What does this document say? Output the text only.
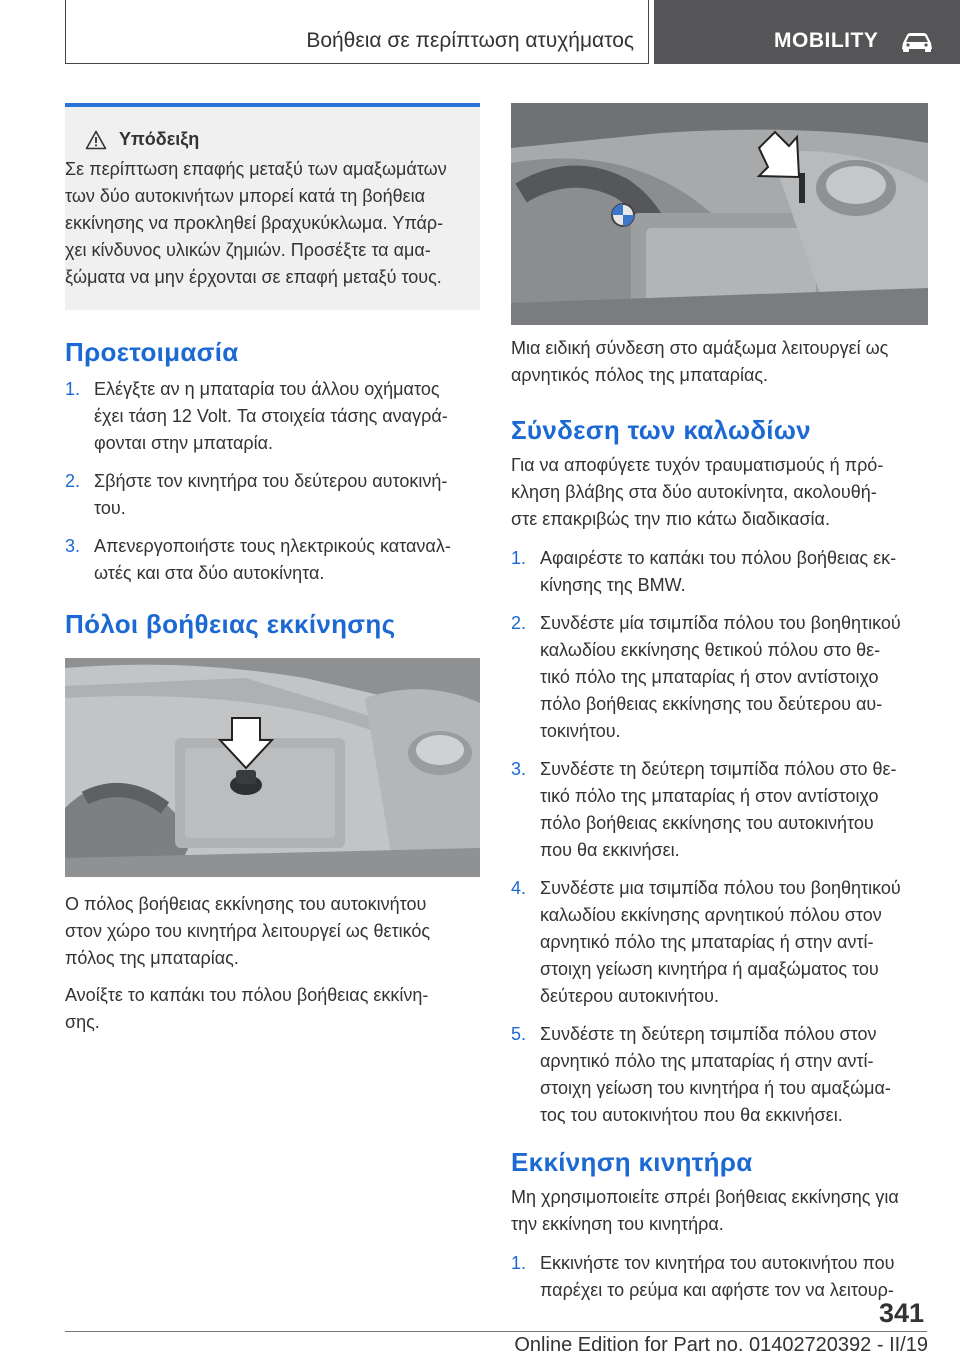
Βοήθεια σε περίπτωση ατυχήματος	MOBILITY
Υπόδειξη
Σε περίπτωση επαφής μεταξύ των αμαξωμάτων
των δύο αυτοκινήτων μπορεί κατά τη βοήθεια
εκκίνησης να προκληθεί βραχυκύκλωμα. Υπάρ-
χει κίνδυνος υλικών ζημιών. Προσέξτε τα αμα-
ξώματα να μην έρχονται σε επαφή μεταξύ τους.
Προετοιμασία
1. Ελέγξτε αν η μπαταρία του άλλου οχήματος
έχει τάση 12 Volt. Τα στοιχεία τάσης αναγρά-
φονται στην μπαταρία.
2. Σβήστε τον κινητήρα του δεύτερου αυτοκινή-
του.
3. Απενεργοποιήστε τους ηλεκτρικούς καταναλ-
ωτές και στα δύο αυτοκίνητα.
Πόλοι βοήθειας εκκίνησης
Ο πόλος βοήθειας εκκίνησης του αυτοκινήτου
στον χώρο του κινητήρα λειτουργεί ως θετικός
πόλος της μπαταρίας.
Ανοίξτε το καπάκι του πόλου βοήθειας εκκίνη-
σης.
Μια ειδική σύνδεση στο αμάξωμα λειτουργεί ως
αρνητικός πόλος της μπαταρίας.
Σύνδεση των καλωδίων
Για να αποφύγετε τυχόν τραυματισμούς ή πρό-
κληση βλάβης στα δύο αυτοκίνητα, ακολουθή-
στε επακριβώς την πιο κάτω διαδικασία.
1. Αφαιρέστε το καπάκι του πόλου βοήθειας εκ-
κίνησης της BMW.
2. Συνδέστε μία τσιμπίδα πόλου του βοηθητικού
καλωδίου εκκίνησης θετικού πόλου στο θε-
τικό πόλο της μπαταρίας ή στον αντίστοιχο
πόλο βοήθειας εκκίνησης του δεύτερου αυ-
τοκινήτου.
3. Συνδέστε τη δεύτερη τσιμπίδα πόλου στο θε-
τικό πόλο της μπαταρίας ή στον αντίστοιχο
πόλο βοήθειας εκκίνησης του αυτοκινήτου
που θα εκκινήσει.
4. Συνδέστε μια τσιμπίδα πόλου του βοηθητικού
καλωδίου εκκίνησης αρνητικού πόλου στον
αρνητικό πόλο της μπαταρίας ή στην αντί-
στοιχη γείωση κινητήρα ή αμαξώματος του
δεύτερου αυτοκινήτου.
5. Συνδέστε τη δεύτερη τσιμπίδα πόλου στον
αρνητικό πόλο της μπαταρίας ή στην αντί-
στοιχη γείωση του κινητήρα ή του αμαξώμα-
τος του αυτοκινήτου που θα εκκινήσει.
Εκκίνηση κινητήρα
Μη χρησιμοποιείτε σπρέι βοήθειας εκκίνησης για
την εκκίνηση του κινητήρα.
1. Εκκινήστε τον κινητήρα του αυτοκινήτου που
παρέχει το ρεύμα και αφήστε τον να λειτουρ-
341
Online Edition for Part no. 01402720392 - II/19
